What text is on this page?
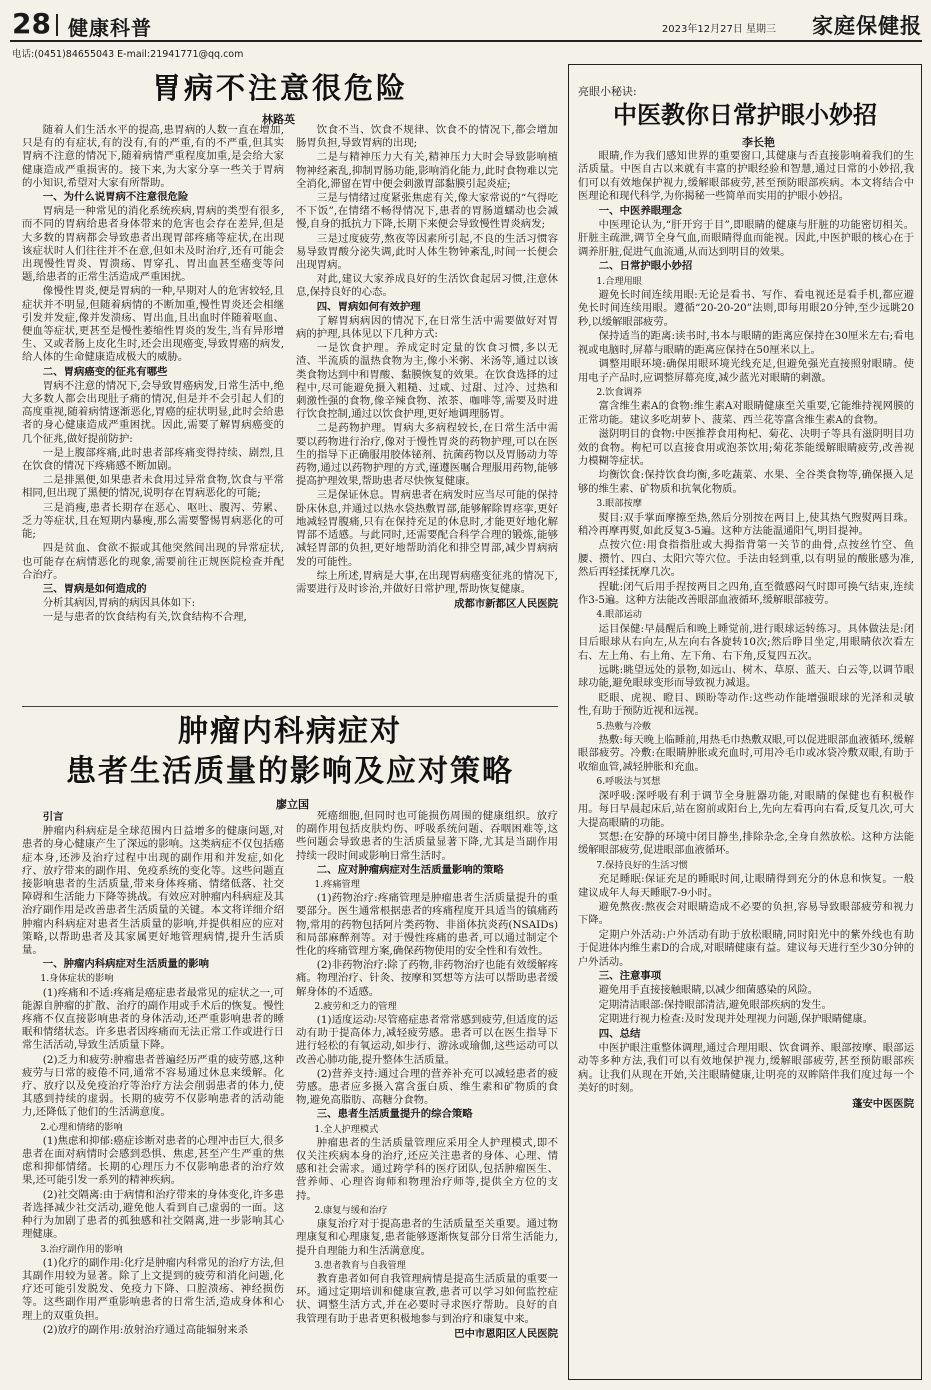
28 健康科普	2023年12月27日 星期三 家庭保健报
电话:(0451)84655043 E-mail:21941771@qq.com
胃病不注意很危险
林路英

随着人们生活水平的提高,患胃病的人数一直在增加,只是有的有症状,有的没有,有的严重,有的不严重,但其实胃病不注意的情况下,随着病情严重程度加重,是会给大家健康造成严重损害的。接下来,为大家分享一些关于胃病的小知识,希望对大家有所帮助。

一、为什么说胃病不注意很危险

胃病是一种常见的消化系统疾病,胃病的类型有很多,而不同的胃病给患者身体带来的危害也会存在差异,但是大多数的胃病都会导致患者出现胃部疼痛等症状,在出现该症状时人们往往并不在意,但如未及时治疗,还有可能会出现慢性胃炎、胃溃疡、胃穿孔、胃出血甚至癌变等问题,给患者的正常生活造成严重困扰。

像慢性胃炎,便是胃病的一种,早期对人的危害较轻,且症状并不明显,但随着病情的不断加重,慢性胃炎还会相继引发并发症,像并发溃疡、胃出血,且出血时伴随着呕血、便血等症状,更甚至是慢性萎缩性胃炎的发生,当有异形增生、又或者肠上皮化生时,还会出现癌变,导致胃癌的病发,给人体的生命健康造成极大的威胁。

二、胃病癌变的征兆有哪些

胃病不注意的情况下,会导致胃癌病发,日常生活中,绝大多数人都会出现肚子痛的情况,但是并不会引起人们的高度重视,随着病情逐渐恶化,胃癌的症状明显,此时会给患者的身心健康造成严重困扰。因此,需要了解胃病癌变的几个征兆,做好提前防护:

一是上腹部疼痛,此时患者部疼痛变得持续、剧烈,且在饮食的情况下疼痛感不断加剧。

二是排黑便,如果患者未食用过异常食物,饮食与平常相同,但出现了黑便的情况,说明存在胃病恶化的可能;

三是消瘦,患者长期存在恶心、呕吐、腹泻、劳累、乏力等症状,且在短期内暴瘦,那么需要警惕胃病恶化的可能;

四是贫血、食欲不振或其他突然间出现的异常症状,也可能存在病情恶化的现象,需要前往正规医院检查并配合治疗。

三、胃病是如何造成的

分析其病因,胃病的病因具体如下:

一是与患者的饮食结构有关,饮食结构不合理,

饮食不当、饮食不规律、饮食不的情况下,都会增加肠胃负担,导致胃病的出现;

二是与精神压力大有关,精神压力大时会导致影响植物神经紊乱,抑制胃肠功能,影响消化能力,此时食物难以完全消化,滞留在胃中便会刺激胃部黏膜引起炎症;

三是与情绪过度紧张焦虑有关,像大家常说的“气得吃不下饭”,在情绪不畅得情况下,患者的胃肠道蠕动也会减慢,自身的抵抗力下降,长期下来便会导致慢性胃炎病发;

三是过度疲劳,熬夜等因素所引起,不良的生活习惯容易导致胃酸分泌失调,此时人体生物钟紊乱,时间一长便会出现胃病。

对此,建议大家养成良好的生活饮食起居习惯,注意休息,保持良好的心态。

四、胃病如何有效护理

了解胃病病因的情况下,在日常生活中需要做好对胃病的护理,具体见以下几种方式:

一是饮食护理。养成定时定量的饮食习惯,多以无渣、半流质的温热食物为主,像小米粥、米汤等,通过以该类食物达到中和胃酸、黏膜恢复的效果。在饮食选择的过程中,尽可能避免摄入粗糙、过咸、过甜、过冷、过热和刺激性强的食物,像辛辣食物、浓茶、咖啡等,需要及时进行饮食控制,通过以饮食护理,更好地调理肠胃。

二是药物护理。胃病大多病程较长,在日常生活中需要以药物进行治疗,像对于慢性胃炎的药物护理,可以在医生的指导下正确服用胶体铋剂、抗菌药物以及胃肠动力等药物,通过以药物护理的方式,谨遵医嘱合理服用药物,能够提高护理效果,帮助患者尽快恢复健康。

三是保证休息。胃病患者在病发时应当尽可能的保持卧床休息,并通过以热水袋热敷胃部,能够解除胃痉挛,更好地减轻胃腹痛,只有在保持充足的休息时,才能更好地化解胃部不适感。与此同时,还需要配合科学合理的锻炼,能够减轻胃部的负担,更好地帮助消化和排空胃部,减少胃病病发的可能性。

综上所述,胃病是大事,在出现胃病癌变征兆的情况下,需要进行及时诊治,并做好日常护理,帮助恢复健康。

成都市新都区人民医院

肿瘤内科病症对
患者生活质量的影响及应对策略
廖立国
引言

肿瘤内科病症是全球范围内日益增多的健康问题,对患者的身心健康产生了深远的影响。这类病症不仅包括癌症本身,还涉及治疗过程中出现的副作用和并发症,如化疗、放疗带来的副作用、免疫系统的变化等。这些问题直接影响患者的生活质量,带来身体疼痛、情绪低落、社交障碍和生活能力下降等挑战。有效应对肿瘤内科病症及其治疗副作用是改善患者生活质量的关键。本文将详细介绍肿瘤内科病症对患者生活质量的影响,并提供相应的应对策略,以帮助患者及其家属更好地管理病情,提升生活质量。

一、肿瘤内科病症对生活质量的影响
1.身体症状的影响

(1)疼痛和不适:疼痛是癌症患者最常见的症状之一,可能源自肿瘤的扩散、治疗的副作用或手术后的恢复。慢性疼痛不仅直接影响患者的身体活动,还严重影响患者的睡眠和情绪状态。许多患者因疼痛而无法正常工作或进行日常生活活动,导致生活质量下降。

(2)乏力和疲劳:肿瘤患者普遍经历严重的疲劳感,这种疲劳与日常的疲倦不同,通常不容易通过休息来缓解。化疗、放疗以及免疫治疗等治疗方法会削弱患者的体力,使其感到持续的虚弱。长期的疲劳不仅影响患者的活动能力,还降低了他们的生活满意度。

2.心理和情绪的影响

(1)焦虑和抑郁:癌症诊断对患者的心理冲击巨大,很多患者在面对病情时会感到恐惧、焦虑,甚至产生严重的焦虑和抑郁情绪。长期的心理压力不仅影响患者的治疗效果,还可能引发一系列的精神疾病。

(2)社交隔离:由于病情和治疗带来的身体变化,许多患者选择减少社交活动,避免他人看到自己虚弱的一面。这种行为加剧了患者的孤独感和社交隔离,进一步影响其心理健康。

3.治疗副作用的影响

(1)化疗的副作用:化疗是肿瘤内科常见的治疗方法,但其副作用较为显著。除了上文提到的疲劳和消化问题,化疗还可能引发脱发、免疫力下降、口腔溃疡、神经损伤等。这些副作用严重影响患者的日常生活,造成身体和心理上的双重负担。

(2)放疗的副作用:放射治疗通过高能辐射来杀

死癌细胞,但同时也可能损伤周围的健康组织。放疗的副作用包括皮肤灼伤、呼吸系统问题、吞咽困难等,这些问题会导致患者的生活质量显著下降,尤其是当副作用持续一段时间或影响日常生活时。

二、应对肿瘤病症对生活质量影响的策略
1.疼痛管理

(1)药物治疗:疼痛管理是肿瘤患者生活质量提升的重要部分。医生通常根据患者的疼痛程度开具适当的镇痛药物,常用的药物包括阿片类药物、非甾体抗炎药(NSAIDs)和局部麻醉剂等。对于慢性疼痛的患者,可以通过制定个性化的疼痛管理方案,确保药物使用的安全性和有效性。

(2)非药物治疗:除了药物,非药物治疗也能有效缓解疼痛。物理治疗、针灸、按摩和冥想等方法可以帮助患者缓解身体的不适感。

2.疲劳和乏力的管理

(1)适度运动:尽管癌症患者常常感到疲劳,但适度的运动有助于提高体力,减轻疲劳感。患者可以在医生指导下进行轻松的有氧运动,如步行、游泳或瑜伽,这些运动可以改善心肺功能,提升整体生活质量。

(2)营养支持:通过合理的营养补充可以减轻患者的疲劳感。患者应多摄入富含蛋白质、维生素和矿物质的食物,避免高脂肪、高糖分食物。

三、患者生活质量提升的综合策略
1.全人护理模式

肿瘤患者的生活质量管理应采用全人护理模式,即不仅关注疾病本身的治疗,还应关注患者的身体、心理、情感和社会需求。通过跨学科的医疗团队,包括肿瘤医生、营养师、心理咨询师和物理治疗师等,提供全方位的支持。

2.康复与缓和治疗

康复治疗对于提高患者的生活质量至关重要。通过物理康复和心理康复,患者能够逐渐恢复部分日常生活能力,提升自理能力和生活满意度。

3.患者教育与自我管理

教育患者如何自我管理病情是提高生活质量的重要一环。通过定期培训和健康宣教,患者可以学习如何监控症状、调整生活方式,并在必要时寻求医疗帮助。良好的自我管理有助于患者更积极地参与到治疗和康复中来。

巴中市恩阳区人民医院

亮眼小秘诀:
中医教你日常护眼小妙招
李长艳

眼睛,作为我们感知世界的重要窗口,其健康与否直接影响着我们的生活质量。中医自古以来就有丰富的护眼经验和智慧,通过日常的小妙招,我们可以有效地保护视力,缓解眼部疲劳,甚至预防眼部疾病。本文将结合中医理论和现代科学,为你揭秘一些简单而实用的护眼小妙招。

一、中医养眼理念

中医理论认为,“肝开窍于目”,即眼睛的健康与肝脏的功能密切相关。肝脏主疏泄,调节全身气血,而眼睛得血而能视。因此,中医护眼的核心在于调养肝脏,促进气血流通,从而达到明目的效果。

二、日常护眼小妙招
1.合理用眼

避免长时间连续用眼:无论是看书、写作、看电视还是看手机,都应避免长时间连续用眼。遵循“20-20-20”法则,即每用眼20分钟,至少远眺20秒,以缓解眼部疲劳。

保持适当的距离:读书时,书本与眼睛的距离应保持在30厘米左右;看电视或电脑时,屏幕与眼睛的距离应保持在50厘米以上。

调整用眼环境:确保用眼环境光线充足,但避免强光直接照射眼睛。使用电子产品时,应调整屏幕亮度,减少蓝光对眼睛的刺激。

2.饮食调养

富含维生素A的食物:维生素A对眼睛健康至关重要,它能维持视网膜的正常功能。建议多吃胡萝卜、菠菜、西兰花等富含维生素A的食物。

滋阴明目的食物:中医推荐食用枸杞、菊花、决明子等具有滋阴明目功效的食物。枸杞可以直接食用或泡茶饮用;菊花茶能缓解眼睛疲劳,改善视力模糊等症状。

均衡饮食:保持饮食均衡,多吃蔬菜、水果、全谷类食物等,确保摄入足够的维生素、矿物质和抗氧化物质。

3.眼部按摩

熨目:双手掌面摩擦至热,然后分别按在两目上,使其热气煦熨两目珠。稍冷再摩再熨,如此反复3-5遍。这种方法能温通阳气,明目提神。

点按穴位:用食指指肚或大拇指背第一关节的曲骨,点按丝竹空、鱼腰、攒竹、四白、太阳穴等穴位。手法由轻到重,以有明显的酸胀感为准,然后再轻揉抚摩几次。

捏眦:闭气后用手捏按两目之四角,直至微感闷气时即可换气结束,连续作3-5遍。这种方法能改善眼部血液循环,缓解眼部疲劳。

4.眼部运动

运目保健:早晨醒后和晚上睡觉前,进行眼球运转练习。具体做法是:闭目后眼球从右向左,从左向右各旋转10次;然后睁目坐定,用眼睛依次看左右、左上角、右上角、左下角、右下角,反复四五次。

远眺:眺望远处的景物,如远山、树木、草原、蓝天、白云等,以调节眼球功能,避免眼球变形而导致视力减退。

眨眼、虎视、瞪目、顾盼等动作:这些动作能增强眼球的光泽和灵敏性,有助于预防近视和远视。

5.热敷与冷敷

热敷:每天晚上临睡前,用热毛巾热敷双眼,可以促进眼部血液循环,缓解眼部疲劳。冷敷:在眼睛肿胀或充血时,可用冷毛巾或冰袋冷敷双眼,有助于收缩血管,减轻肿胀和充血。

6.呼吸法与冥想

深呼吸:深呼吸有利于调节全身脏器功能,对眼睛的保健也有积极作用。每日早晨起床后,站在窗前或阳台上,先向左看再向右看,反复几次,可大大提高眼睛的功能。

冥想:在安静的环境中闭目静坐,排除杂念,全身自然放松。这种方法能缓解眼部疲劳,促进眼部血液循环。

7.保持良好的生活习惯

充足睡眠:保证充足的睡眠时间,让眼睛得到充分的休息和恢复。一般建议成年人每天睡眠7-9小时。

避免熬夜:熬夜会对眼睛造成不必要的负担,容易导致眼部疲劳和视力下降。

定期户外活动:户外活动有助于放松眼睛,同时阳光中的紫外线也有助于促进体内维生素D的合成,对眼睛健康有益。建议每天进行至少30分钟的户外活动。

三、注意事项

避免用手直接接触眼睛,以减少细菌感染的风险。

定期清洁眼部:保持眼部清洁,避免眼部疾病的发生。

定期进行视力检查:及时发现并处理视力问题,保护眼睛健康。

四、总结

中医护眼注重整体调理,通过合理用眼、饮食调养、眼部按摩、眼部运动等多种方法,我们可以有效地保护视力,缓解眼部疲劳,甚至预防眼部疾病。让我们从现在开始,关注眼睛健康,让明亮的双眸陪伴我们度过每一个美好的时刻。

蓬安中医医院
